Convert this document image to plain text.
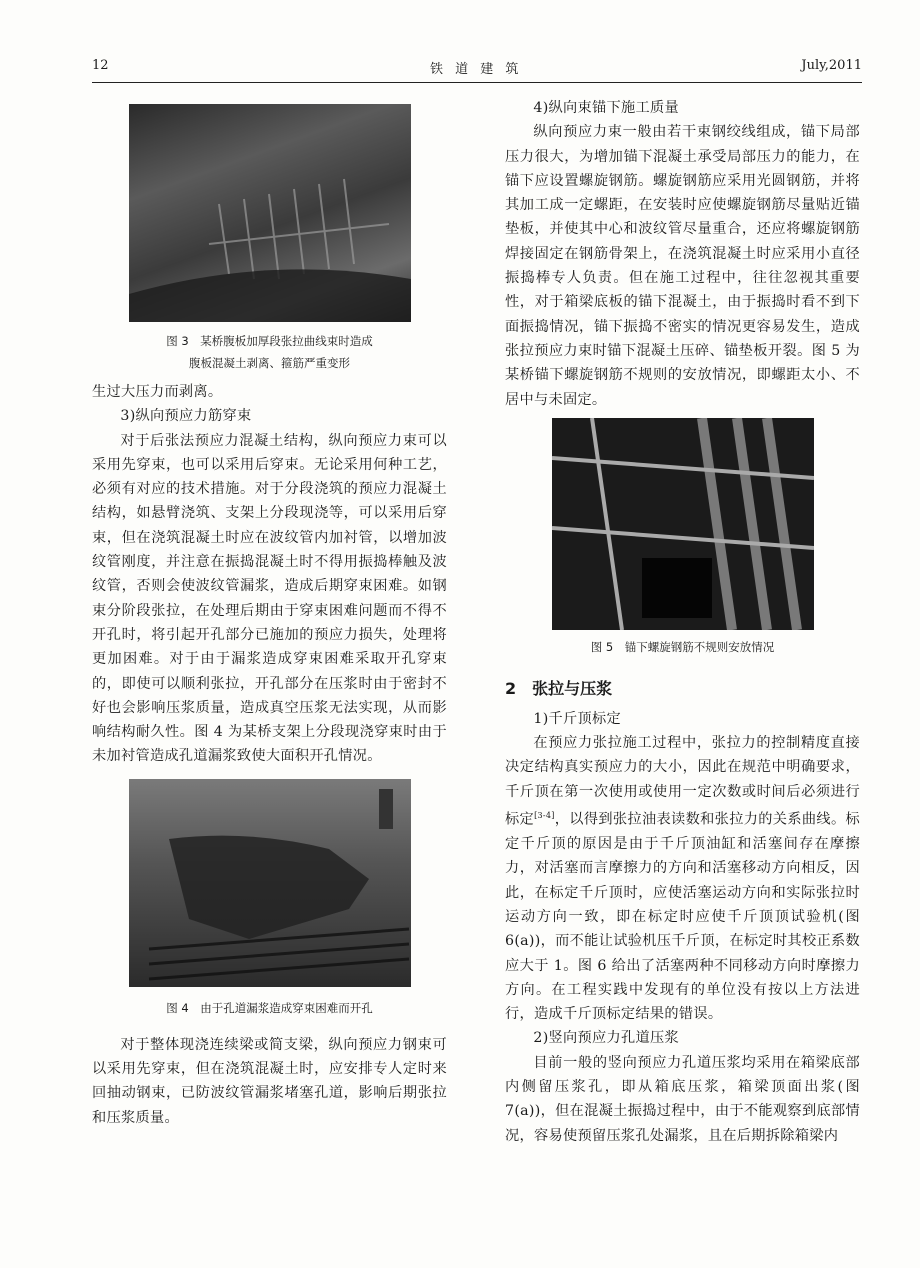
12	铁 道 建 筑	July,2011
图 3　某桥腹板加厚段张拉曲线束时造成
腹板混凝土剥离、箍筋严重变形

生过大压力而剥离。

3)纵向预应力筋穿束

对于后张法预应力混凝土结构，纵向预应力束可以采用先穿束，也可以采用后穿束。无论采用何种工艺，必须有对应的技术措施。对于分段浇筑的预应力混凝土结构，如悬臂浇筑、支架上分段现浇等，可以采用后穿束，但在浇筑混凝土时应在波纹管内加衬管，以增加波纹管刚度，并注意在振捣混凝土时不得用振捣棒触及波纹管，否则会使波纹管漏浆，造成后期穿束困难。如钢束分阶段张拉，在处理后期由于穿束困难问题而不得不开孔时，将引起开孔部分已施加的预应力损失，处理将更加困难。对于由于漏浆造成穿束困难采取开孔穿束的，即使可以顺利张拉，开孔部分在压浆时由于密封不好也会影响压浆质量，造成真空压浆无法实现，从而影响结构耐久性。图 4 为某桥支架上分段现浇穿束时由于未加衬管造成孔道漏浆致使大面积开孔情况。

图 4　由于孔道漏浆造成穿束困难而开孔

对于整体现浇连续梁或简支梁，纵向预应力钢束可以采用先穿束，但在浇筑混凝土时，应安排专人定时来回抽动钢束，已防波纹管漏浆堵塞孔道，影响后期张拉和压浆质量。

4)纵向束锚下施工质量

纵向预应力束一般由若干束钢绞线组成，锚下局部压力很大，为增加锚下混凝土承受局部压力的能力，在锚下应设置螺旋钢筋。螺旋钢筋应采用光圆钢筋，并将其加工成一定螺距，在安装时应使螺旋钢筋尽量贴近锚垫板，并使其中心和波纹管尽量重合，还应将螺旋钢筋焊接固定在钢筋骨架上，在浇筑混凝土时应采用小直径振捣棒专人负责。但在施工过程中，往往忽视其重要性，对于箱梁底板的锚下混凝土，由于振捣时看不到下面振捣情况，锚下振捣不密实的情况更容易发生，造成张拉预应力束时锚下混凝土压碎、锚垫板开裂。图 5 为某桥锚下螺旋钢筋不规则的安放情况，即螺距太小、不居中与未固定。

图 5　锚下螺旋钢筋不规则安放情况
2　张拉与压浆

1)千斤顶标定

在预应力张拉施工过程中，张拉力的控制精度直接决定结构真实预应力的大小，因此在规范中明确要求，千斤顶在第一次使用或使用一定次数或时间后必须进行标定[3-4]，以得到张拉油表读数和张拉力的关系曲线。标定千斤顶的原因是由于千斤顶油缸和活塞间存在摩擦力，对活塞而言摩擦力的方向和活塞移动方向相反，因此，在标定千斤顶时，应使活塞运动方向和实际张拉时运动方向一致，即在标定时应使千斤顶顶试验机(图 6(a))，而不能让试验机压千斤顶，在标定时其校正系数应大于 1。图 6 给出了活塞两种不同移动方向时摩擦力方向。在工程实践中发现有的单位没有按以上方法进行，造成千斤顶标定结果的错误。

2)竖向预应力孔道压浆

目前一般的竖向预应力孔道压浆均采用在箱梁底部内侧留压浆孔，即从箱底压浆，箱梁顶面出浆(图 7(a))，但在混凝土振捣过程中，由于不能观察到底部情况，容易使预留压浆孔处漏浆，且在后期拆除箱梁内
